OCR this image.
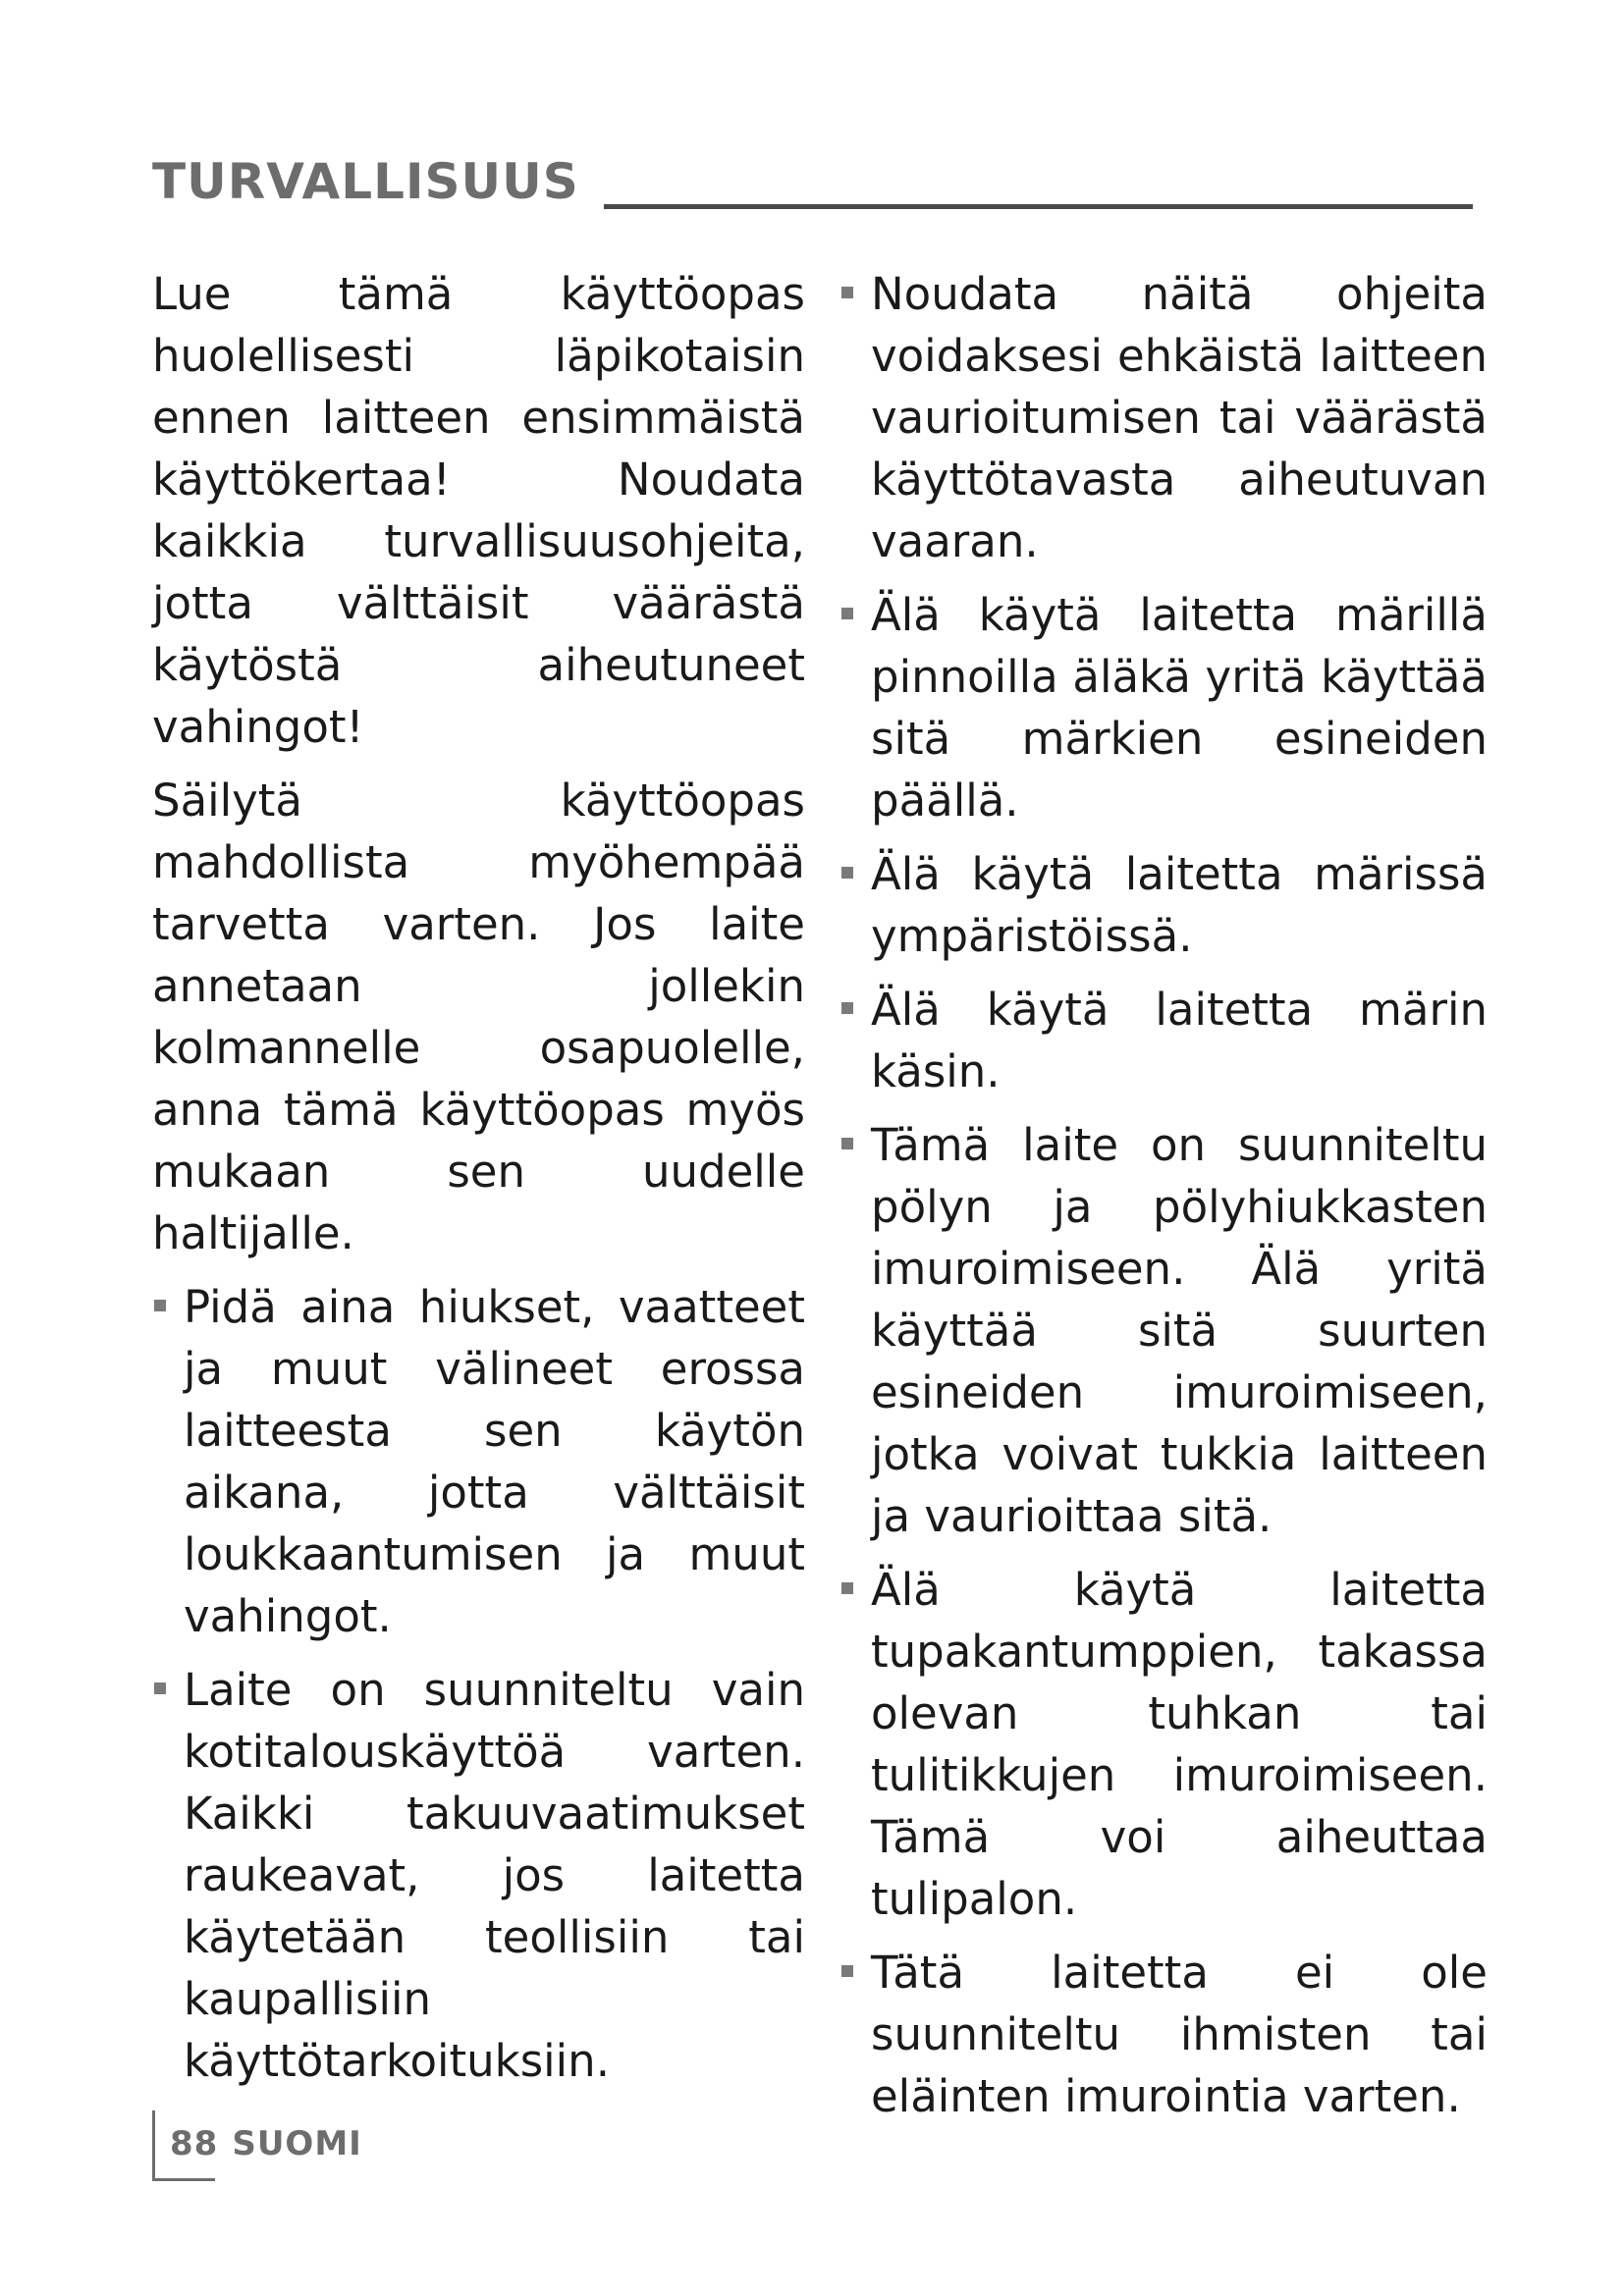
TURVALLISUUS

Lue tämä käyttöopas huolellisesti läpikotaisin ennen laitteen ensimmäistä käyttökertaa! Noudata kaikkia turvallisuusohjeita, jotta välttäisit väärästä käytöstä aiheutuneet vahingot!

Säilytä käyttöopas mahdollista myöhempää tarvetta varten. Jos laite annetaan jollekin kolmannelle osapuolelle, anna tämä käyttöopas myös mukaan sen uudelle haltijalle.

Pidä aina hiukset, vaatteet ja muut välineet erossa laitteesta sen käytön aikana, jotta välttäisit loukkaantumisen ja muut vahingot.
Laite on suunniteltu vain kotitalouskäyttöä varten. Kaikki takuuvaatimukset raukeavat, jos laitetta käytetään teollisiin tai kaupallisiin käyttötarkoituksiin.
Noudata näitä ohjeita voidaksesi ehkäistä laitteen vaurioitumisen tai väärästä käyttötavasta aiheutuvan vaaran.
Älä käytä laitetta märillä pinnoilla äläkä yritä käyttää sitä märkien esineiden päällä.
Älä käytä laitetta märissä ympäristöissä.
Älä käytä laitetta märin käsin.
Tämä laite on suunniteltu pölyn ja pölyhiukkasten imuroimiseen. Älä yritä käyttää sitä suurten esineiden imuroimiseen, jotka voivat tukkia laitteen ja vaurioittaa sitä.
Älä käytä laitetta tupakantumppien, takassa olevan tuhkan tai tulitikkujen imuroimiseen. Tämä voi aiheuttaa tulipalon.
Tätä laitetta ei ole suunniteltu ihmisten tai eläinten imurointia varten.
88 SUOMI
